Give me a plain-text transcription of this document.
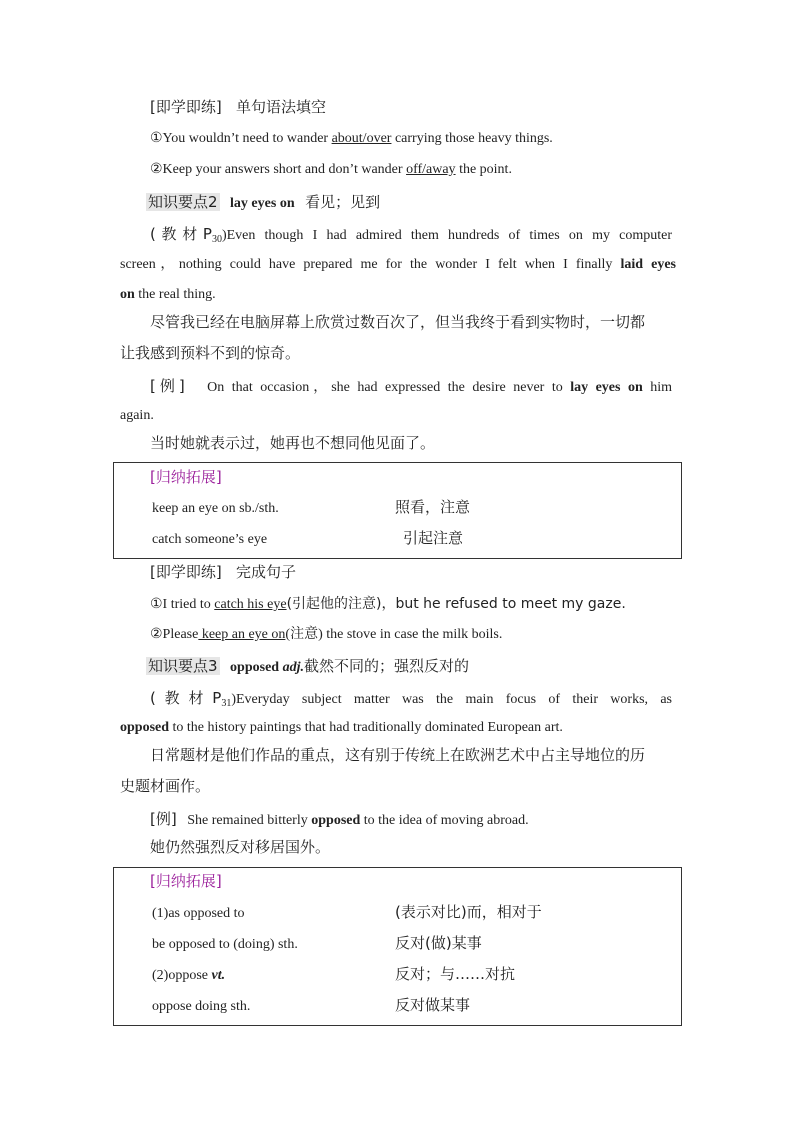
[即学即练] 单句语法填空
①You wouldn’t need to wander about/over carrying those heavy things.
②Keep your answers short and don’t wander off/away the point.
知识要点2 lay eyes on 看见；见到
(教材$P_{30})Even$ though I had admired them hundreds of times on my computer
screen，nothing could have prepared me for the wonder I felt when I finally laid eyes
on the real thing.
尽管我已经在电脑屏幕上欣赏过数百次了，但当我终于看到实物时，一切都
让我感到预料不到的惊奇。
[例] On that occasion，she had expressed the desire never to lay eyes on him
again.
当时她就表示过，她再也不想同他见面了。
[归纳拓展]
keep an eye on sb./sth.	照看，注意
catch someone’s eye	引起注意
[即学即练] 完成句子
①I tried to catch his eye(引起他的注意)，but he refused to meet my gaze.
②Please keep an eye on(注意) the stove in case the milk boils.
知识要点3 opposed adj.截然不同的；强烈反对的
(教材$P_{31})Everyday$ subject matter was the main focus of their works, as
opposed to the history paintings that had traditionally dominated European art.
日常题材是他们作品的重点，这有别于传统上在欧洲艺术中占主导地位的历
史题材画作。
[例] She remained bitterly opposed to the idea of moving abroad.
她仍然强烈反对移居国外。
[归纳拓展]
(1)as opposed to	(表示对比)而，相对于
be opposed to (doing) sth.	反对(做)某事
(2)oppose vt.	反对；与……对抗
oppose doing sth.	反对做某事
